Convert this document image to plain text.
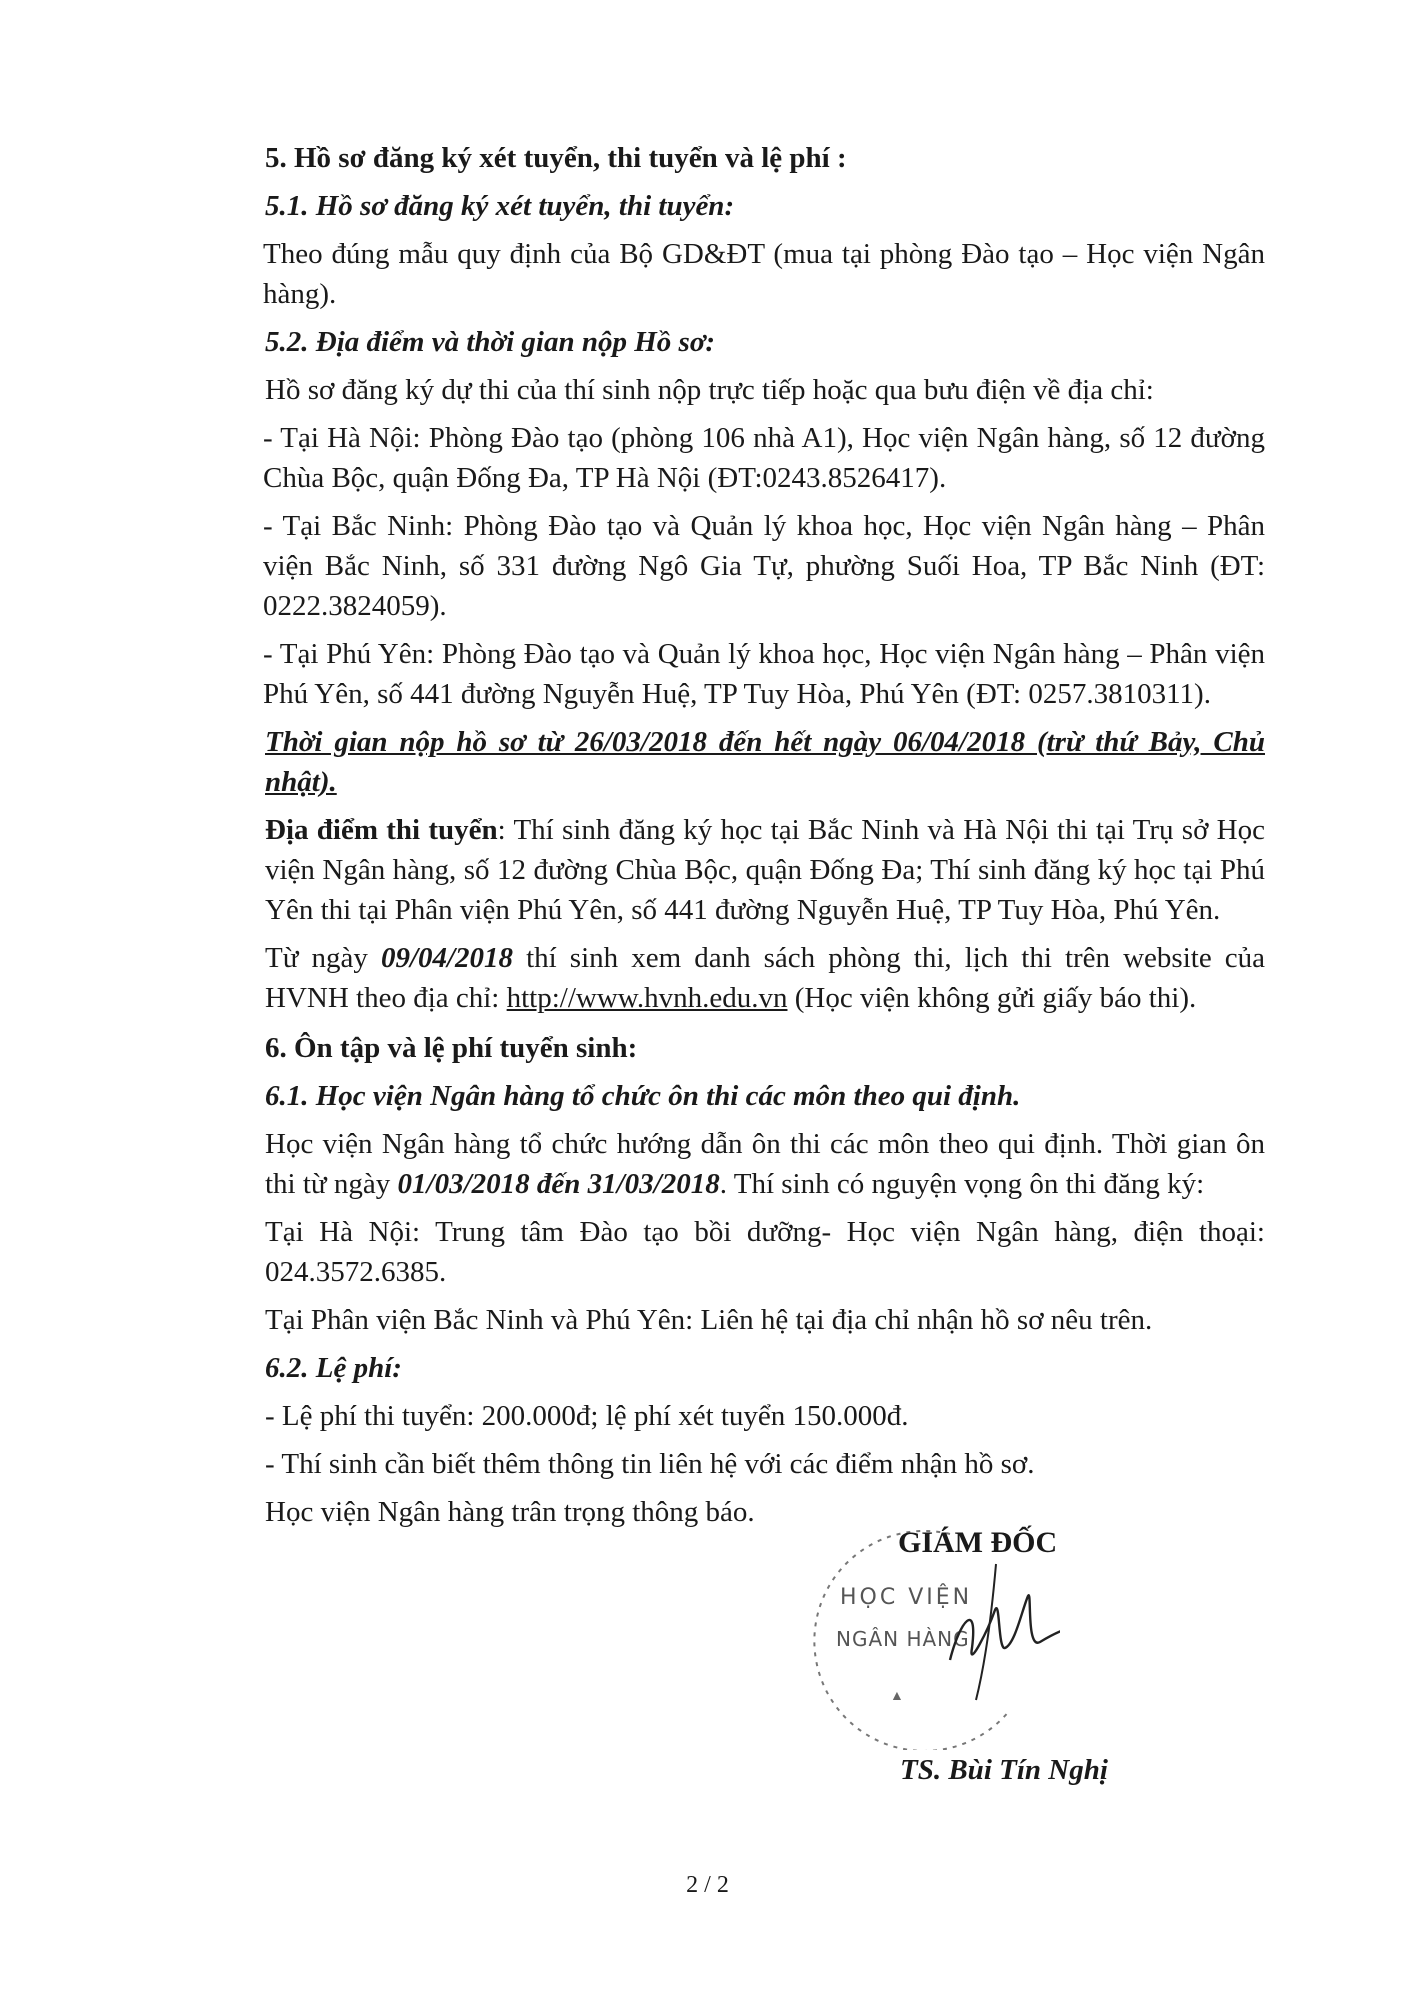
5. Hồ sơ đăng ký xét tuyển, thi tuyển và lệ phí :

5.1. Hồ sơ đăng ký xét tuyển, thi tuyển:

Theo đúng mẫu quy định của Bộ GD&ĐT (mua tại phòng Đào tạo – Học viện Ngân hàng).

5.2. Địa điểm và thời gian nộp Hồ sơ:

Hồ sơ đăng ký dự thi của thí sinh nộp trực tiếp hoặc qua bưu điện về địa chỉ:

- Tại Hà Nội: Phòng Đào tạo (phòng 106 nhà A1), Học viện Ngân hàng, số 12 đường Chùa Bộc, quận Đống Đa, TP Hà Nội (ĐT:0243.8526417).

- Tại Bắc Ninh: Phòng Đào tạo và Quản lý khoa học, Học viện Ngân hàng – Phân viện Bắc Ninh, số 331 đường Ngô Gia Tự, phường Suối Hoa, TP Bắc Ninh (ĐT: 0222.3824059).

- Tại Phú Yên: Phòng Đào tạo và Quản lý khoa học, Học viện Ngân hàng – Phân viện Phú Yên, số 441 đường Nguyễn Huệ, TP Tuy Hòa, Phú Yên (ĐT: 0257.3810311).

Thời gian nộp hồ sơ từ 26/03/2018 đến hết ngày 06/04/2018 (trừ thứ Bảy, Chủ nhật).

Địa điểm thi tuyển: Thí sinh đăng ký học tại Bắc Ninh và Hà Nội thi tại Trụ sở Học viện Ngân hàng, số 12 đường Chùa Bộc, quận Đống Đa; Thí sinh đăng ký học tại Phú Yên thi tại Phân viện Phú Yên, số 441 đường Nguyễn Huệ, TP Tuy Hòa, Phú Yên.

Từ ngày 09/04/2018 thí sinh xem danh sách phòng thi, lịch thi trên website của HVNH theo địa chỉ: http://www.hvnh.edu.vn (Học viện không gửi giấy báo thi).

6. Ôn tập và lệ phí tuyển sinh:

6.1. Học viện Ngân hàng tổ chức ôn thi các môn theo qui định.

Học viện Ngân hàng tổ chức hướng dẫn ôn thi các môn theo qui định. Thời gian ôn thi từ ngày 01/03/2018 đến 31/03/2018. Thí sinh có nguyện vọng ôn thi đăng ký:

Tại Hà Nội: Trung tâm Đào tạo bồi dưỡng- Học viện Ngân hàng, điện thoại: 024.3572.6385.

Tại Phân viện Bắc Ninh và Phú Yên: Liên hệ tại địa chỉ nhận hồ sơ nêu trên.

6.2. Lệ phí:

- Lệ phí thi tuyển: 200.000đ; lệ phí xét tuyển 150.000đ.

- Thí sinh cần biết thêm thông tin liên hệ với các điểm nhận hồ sơ.

Học viện Ngân hàng trân trọng thông báo.

GIÁM ĐỐC
HỌC VIỆN
NGÂN HÀNG
▲
TS. Bùi Tín Nghị
2 / 2
